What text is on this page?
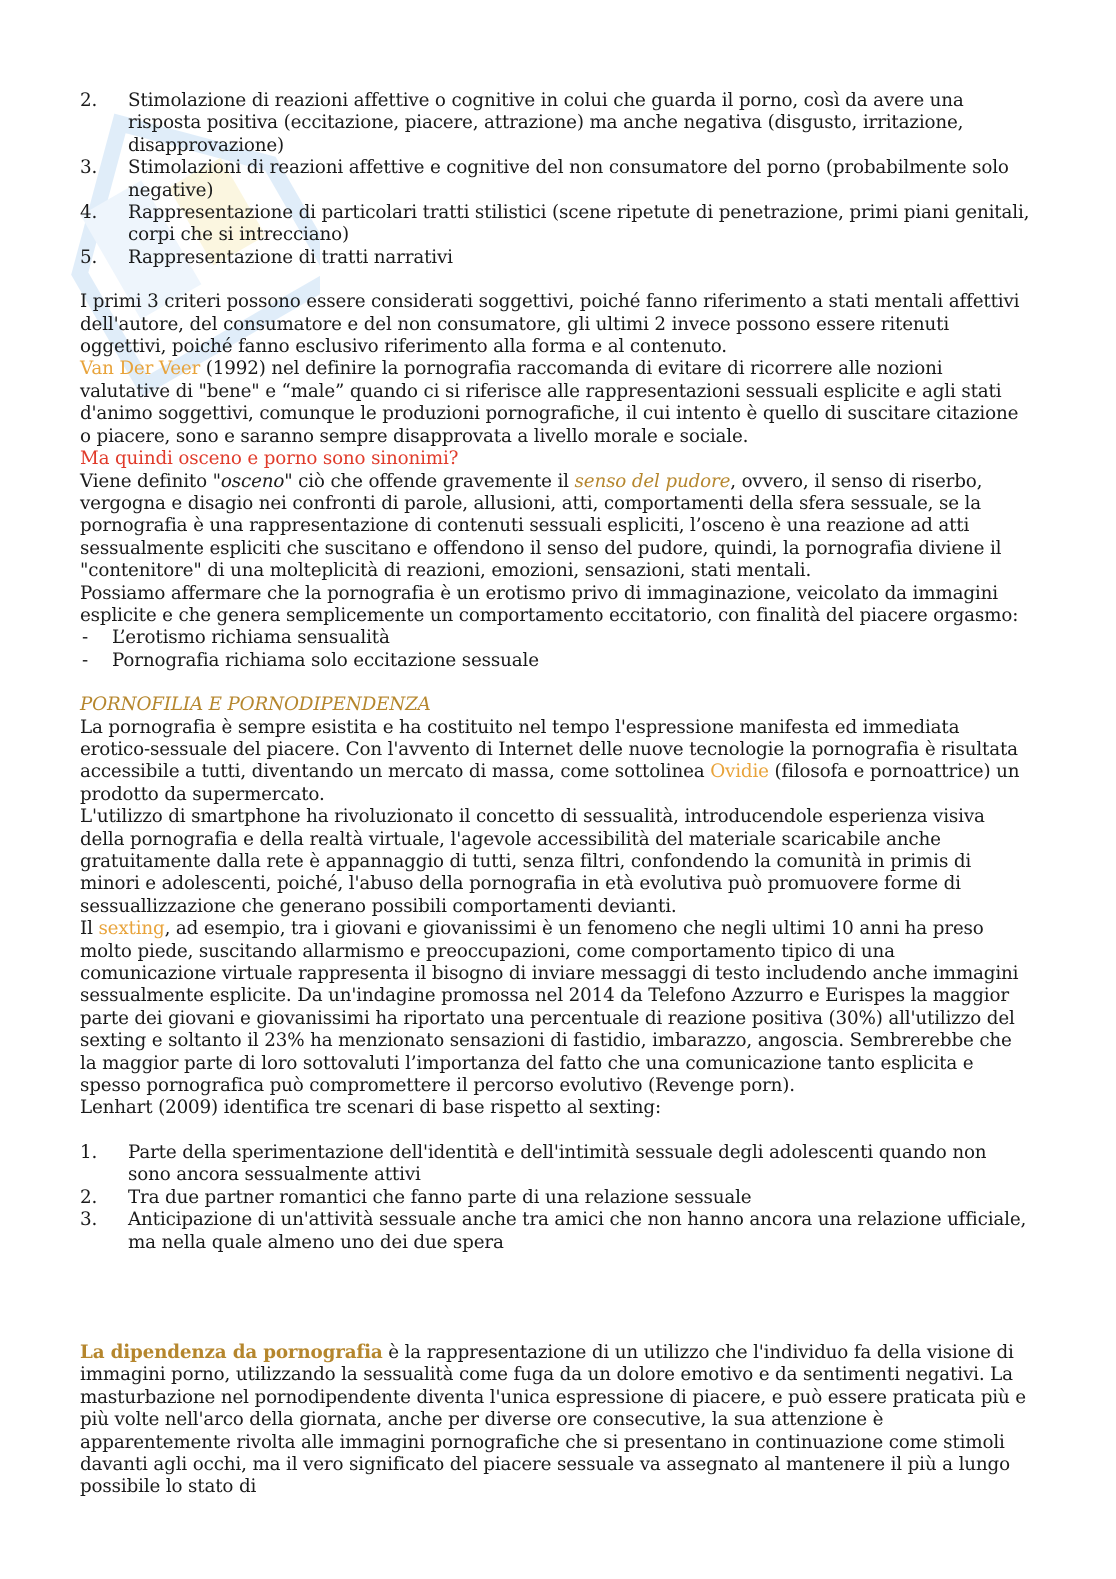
2. Stimolazione di reazioni affettive o cognitive in colui che guarda il porno, così da avere una risposta positiva (eccitazione, piacere, attrazione) ma anche negativa (disgusto, irritazione, disapprovazione)
3. Stimolazioni di reazioni affettive e cognitive del non consumatore del porno (probabilmente solo negative)
4. Rappresentazione di particolari tratti stilistici (scene ripetute di penetrazione, primi piani genitali, corpi che si intrecciano)
5. Rappresentazione di tratti narrativi

I primi 3 criteri possono essere considerati soggettivi, poiché fanno riferimento a stati mentali affettivi dell'autore, del consumatore e del non consumatore, gli ultimi 2 invece possono essere ritenuti oggettivi, poiché fanno esclusivo riferimento alla forma e al contenuto.

Van Der Veer (1992) nel definire la pornografia raccomanda di evitare di ricorrere alle nozioni valutative di "bene" e “male” quando ci si riferisce alle rappresentazioni sessuali esplicite e agli stati d'animo soggettivi, comunque le produzioni pornografiche, il cui intento è quello di suscitare citazione o piacere, sono e saranno sempre disapprovata a livello morale e sociale.

Ma quindi osceno e porno sono sinonimi?

Viene definito "osceno" ciò che offende gravemente il senso del pudore, ovvero, il senso di riserbo, vergogna e disagio nei confronti di parole, allusioni, atti, comportamenti della sfera sessuale, se la pornografia è una rappresentazione di contenuti sessuali espliciti, l’osceno è una reazione ad atti sessualmente espliciti che suscitano e offendono il senso del pudore, quindi, la pornografia diviene il "contenitore" di una molteplicità di reazioni, emozioni, sensazioni, stati mentali.

Possiamo affermare che la pornografia è un erotismo privo di immaginazione, veicolato da immagini esplicite e che genera semplicemente un comportamento eccitatorio, con finalità del piacere orgasmo:

- L’erotismo richiama sensualità
- Pornografia richiama solo eccitazione sessuale

PORNOFILIA E PORNODIPENDENZA

La pornografia è sempre esistita e ha costituito nel tempo l'espressione manifesta ed immediata erotico-sessuale del piacere. Con l'avvento di Internet delle nuove tecnologie la pornografia è risultata accessibile a tutti, diventando un mercato di massa, come sottolinea Ovidie (filosofa e pornoattrice) un prodotto da supermercato.

L'utilizzo di smartphone ha rivoluzionato il concetto di sessualità, introducendole esperienza visiva della pornografia e della realtà virtuale, l'agevole accessibilità del materiale scaricabile anche gratuitamente dalla rete è appannaggio di tutti, senza filtri, confondendo la comunità in primis di minori e adolescenti, poiché, l'abuso della pornografia in età evolutiva può promuovere forme di sessuallizzazione che generano possibili comportamenti devianti.

Il sexting, ad esempio, tra i giovani e giovanissimi è un fenomeno che negli ultimi 10 anni ha preso molto piede, suscitando allarmismo e preoccupazioni, come comportamento tipico di una comunicazione virtuale rappresenta il bisogno di inviare messaggi di testo includendo anche immagini sessualmente esplicite. Da un'indagine promossa nel 2014 da Telefono Azzurro e Eurispes la maggior parte dei giovani e giovanissimi ha riportato una percentuale di reazione positiva (30%) all'utilizzo del sexting e soltanto il 23% ha menzionato sensazioni di fastidio, imbarazzo, angoscia. Sembrerebbe che la maggior parte di loro sottovaluti l’importanza del fatto che una comunicazione tanto esplicita e spesso pornografica può compromettere il percorso evolutivo (Revenge porn).

Lenhart (2009) identifica tre scenari di base rispetto al sexting:

1. Parte della sperimentazione dell'identità e dell'intimità sessuale degli adolescenti quando non sono ancora sessualmente attivi
2. Tra due partner romantici che fanno parte di una relazione sessuale
3. Anticipazione di un'attività sessuale anche tra amici che non hanno ancora una relazione ufficiale, ma nella quale almeno uno dei due spera

La dipendenza da pornografia è la rappresentazione di un utilizzo che l'individuo fa della visione di immagini porno, utilizzando la sessualità come fuga da un dolore emotivo e da sentimenti negativi. La masturbazione nel pornodipendente diventa l'unica espressione di piacere, e può essere praticata più e più volte nell'arco della giornata, anche per diverse ore consecutive, la sua attenzione è apparentemente rivolta alle immagini pornografiche che si presentano in continuazione come stimoli davanti agli occhi, ma il vero significato del piacere sessuale va assegnato al mantenere il più a lungo possibile lo stato di
